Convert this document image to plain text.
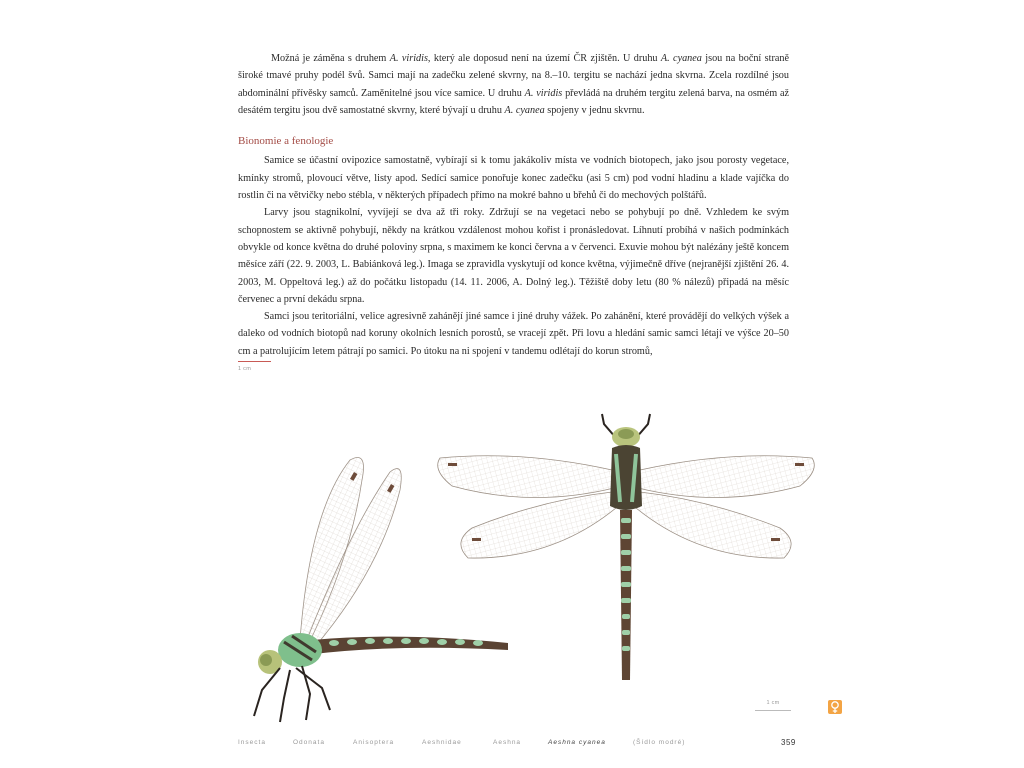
Možná je záměna s druhem A. viridis, který ale doposud není na území ČR zjištěn. U druhu A. cyanea jsou na boční straně široké tmavé pruhy podél švů. Samci mají na zadečku zelené skvrny, na 8.–10. tergitu se nachází jedna skvrna. Zcela rozdílné jsou abdominální přívěsky samců. Zaměnitelné jsou více samice. U druhu A. viridis převládá na druhém tergitu zelená barva, na osmém až desátém tergitu jsou dvě samostatné skvrny, které bývají u druhu A. cyanea spojeny v jednu skvrnu.

Bionomie a fenologie

Samice se účastní ovipozice samostatně, vybírají si k tomu jakákoliv místa ve vodních biotopech, jako jsou porosty vegetace, kmínky stromů, plovoucí větve, listy apod. Sedící samice ponořuje konec zadečku (asi 5 cm) pod vodní hladinu a klade vajíčka do rostlin či na větvičky nebo stébla, v některých případech přímo na mokré bahno u břehů či do mechových polštářů.

Larvy jsou stagnikolní, vyvíjejí se dva až tři roky. Zdržují se na vegetaci nebo se pohybují po dně. Vzhledem ke svým schopnostem se aktivně pohybují, někdy na krátkou vzdálenost mohou kořist i pronásledovat. Líhnutí probíhá v našich podmínkách obvykle od konce května do druhé poloviny srpna, s maximem ke konci června a v červenci. Exuvie mohou být nalézány ještě koncem měsíce září (22. 9. 2003, L. Babiánková leg.). Imaga se zpravidla vyskytují od konce května, výjimečně dříve (nejranější zjištění 26. 4. 2003, M. Oppeltová leg.) až do počátku listopadu (14. 11. 2006, A. Dolný leg.). Těžiště doby letu (80 % nálezů) připadá na měsíc červenec a první dekádu srpna.

Samci jsou teritoriální, velice agresivně zahánějí jiné samce i jiné druhy vážek. Po zahánění, které provádějí do velkých výšek a daleko od vodních biotopů nad koruny okolních lesních porostů, se vracejí zpět. Při lovu a hledání samic samci létají ve výšce 20–50 cm a patrolujícím letem pátrají po samici. Po útoku na ni spojení v tandemu odlétají do korun stromů,

1 cm
1 cm
Insecta	Odonata	Anisoptera	Aeshnidae	Aeshna	Aeshna cyanea	(Šídlo modré)	359
